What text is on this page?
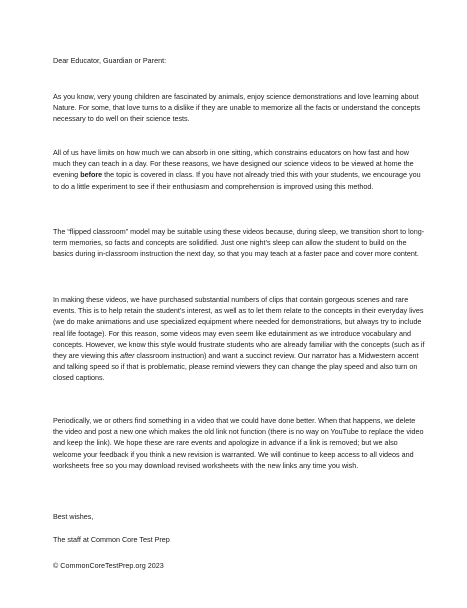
Dear Educator, Guardian or Parent:

As you know, very young children are fascinated by animals, enjoy science demonstrations and love learning about Nature. For some, that love turns to a dislike if they are unable to memorize all the facts or understand the concepts necessary to do well on their science tests.

All of us have limits on how much we can absorb in one sitting, which constrains educators on how fast and how much they can teach in a day. For these reasons, we have designed our science videos to be viewed at home the evening before the topic is covered in class. If you have not already tried this with your students, we encourage you to do a little experiment to see if their enthusiasm and comprehension is improved using this method.

The “flipped classroom” model may be suitable using these videos because, during sleep, we transition short to long-term memories, so facts and concepts are solidified. Just one night’s sleep can allow the student to build on the basics during in-classroom instruction the next day, so that you may teach at a faster pace and cover more content.

In making these videos, we have purchased substantial numbers of clips that contain gorgeous scenes and rare events. This is to help retain the student’s interest, as well as to let them relate to the concepts in their everyday lives (we do make animations and use specialized equipment where needed for demonstrations, but always try to include real life footage). For this reason, some videos may even seem like edutainment as we introduce vocabulary and concepts. However, we know this style would frustrate students who are already familiar with the concepts (such as if they are viewing this after classroom instruction) and want a succinct review. Our narrator has a Midwestern accent and talking speed so if that is problematic, please remind viewers they can change the play speed and also turn on closed captions.

Periodically, we or others find something in a video that we could have done better. When that happens, we delete the video and post a new one which makes the old link not function (there is no way on YouTube to replace the video and keep the link). We hope these are rare events and apologize in advance if a link is removed; but we also welcome your feedback if you think a new revision is warranted. We will continue to keep access to all videos and worksheets free so you may download revised worksheets with the new links any time you wish.

Best wishes,

The staff at Common Core Test Prep

© CommonCoreTestPrep.org 2023
